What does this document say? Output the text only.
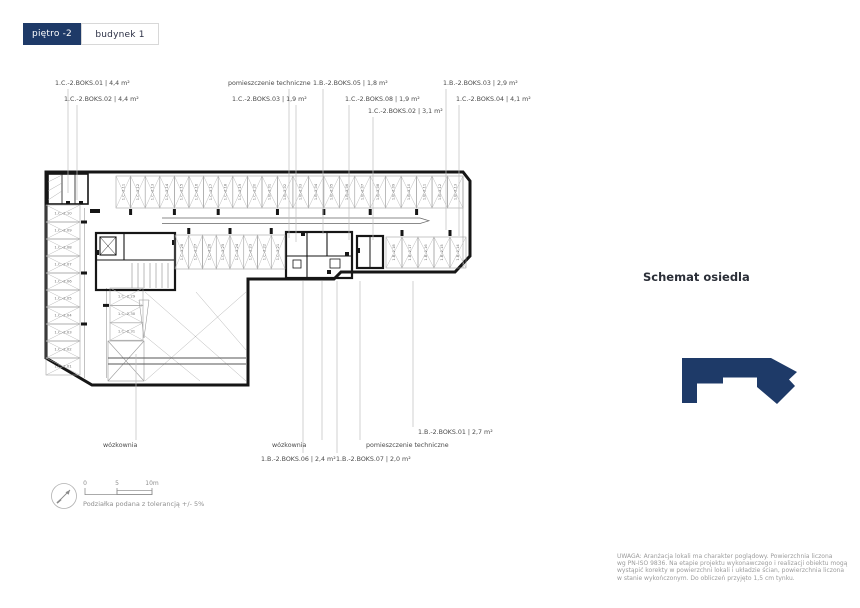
piętro -2	budynek 1
1.C.-2.11	1.C.-2.12	1.C.-2.13	1.C.-2.14	1.C.-2.15	1.C.-2.16	1.C.-2.17	1.C.-2.18	1.C.-2.19	1.C.-2.20	1.B.-2.01	1.B.-2.02	1.B.-2.03	1.B.-2.04	1.B.-2.05	1.B.-2.06	1.B.-2.07	1.B.-2.08	1.B.-2.09	1.B.-2.10	1.B.-2.11	1.B.-2.12	1.B.-2.13
1.C.-2.28	1.C.-2.27	1.C.-2.26	1.C.-2.25	1.C.-2.24	1.C.-2.23	1.C.-2.22	1.C.-2.21	1.B.-2.18	1.B.-2.17	1.B.-2.16	1.B.-2.15	1.B.-2.14
1.C.-2.10
1.C.-2.09
1.C.-2.08
1.C.-2.07
1.C.-2.06
1.C.-2.05
1.C.-2.04
1.C.-2.03
1.C.-2.02
1.C.-2.01
1.C.-2.29
1.C.-2.30
1.C.-2.31
1.C.-2.BOKS.01 | 4,4 m²
1.C.-2.BOKS.02 | 4,4 m²
pomieszczenie techniczne
1.C.-2.BOKS.03 | 1,9 m²
1.B.-2.BOKS.05 | 1,8 m²
1.C.-2.BOKS.08 | 1,9 m²
1.C.-2.BOKS.02 | 3,1 m²
1.B.-2.BOKS.03 | 2,9 m²
1.C.-2.BOKS.04 | 4,1 m²
wózkownia
1.B.-2.BOKS.06 | 2,4 m²
wózkownia
1.B.-2.BOKS.07 | 2,0 m²
pomieszczenie techniczne
1.B.-2.BOKS.01 | 2,7 m²
0	5	10m
Schemat osiedla
Podziałka podana z tolerancją +/- 5%
UWAGA: Aranżacja lokali ma charakter poglądowy. Powierzchnia liczona
wg PN-ISO 9836. Na etapie projektu wykonawczego i realizacji obiektu mogą
wystąpić korekty w powierzchni lokali i układzie ścian, powierzchnia liczona
w stanie wykończonym. Do obliczeń przyjęto 1,5 cm tynku.
